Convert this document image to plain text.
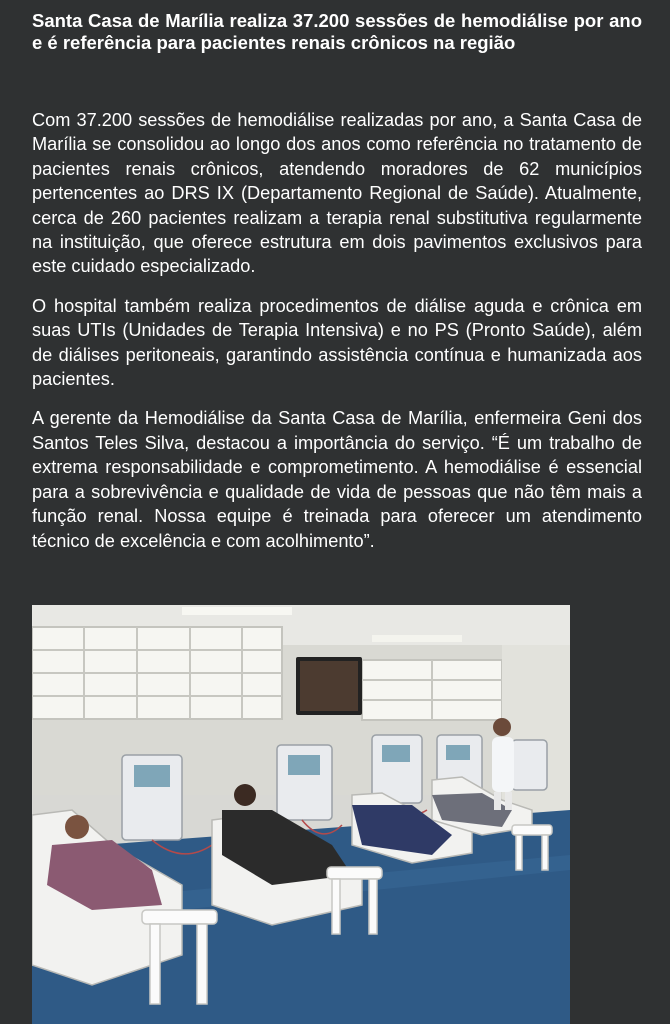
Santa Casa de Marília realiza 37.200 sessões de hemodiálise por ano e é referência para pacientes renais crônicos na região

Com 37.200 sessões de hemodiálise realizadas por ano, a Santa Casa de Marília se consolidou ao longo dos anos como referência no tratamento de pacientes renais crônicos, atendendo moradores de 62 municípios pertencentes ao DRS IX (Departamento Regional de Saúde). Atualmente, cerca de 260 pacientes realizam a terapia renal substitutiva regularmente na instituição, que oferece estrutura em dois pavimentos exclusivos para este cuidado especializado.

O hospital também realiza procedimentos de diálise aguda e crônica em suas UTIs (Unidades de Terapia Intensiva) e no PS (Pronto Saúde), além de diálises peritoneais, garantindo assistência contínua e humanizada aos pacientes.

A gerente da Hemodiálise da Santa Casa de Marília, enfermeira Geni dos Santos Teles Silva, destacou a importância do serviço. “É um trabalho de extrema responsabilidade e comprometimento. A hemodiálise é essencial para a sobrevivência e qualidade de vida de pessoas que não têm mais a função renal. Nossa equipe é treinada para oferecer um atendimento técnico de excelência e com acolhimento”.
